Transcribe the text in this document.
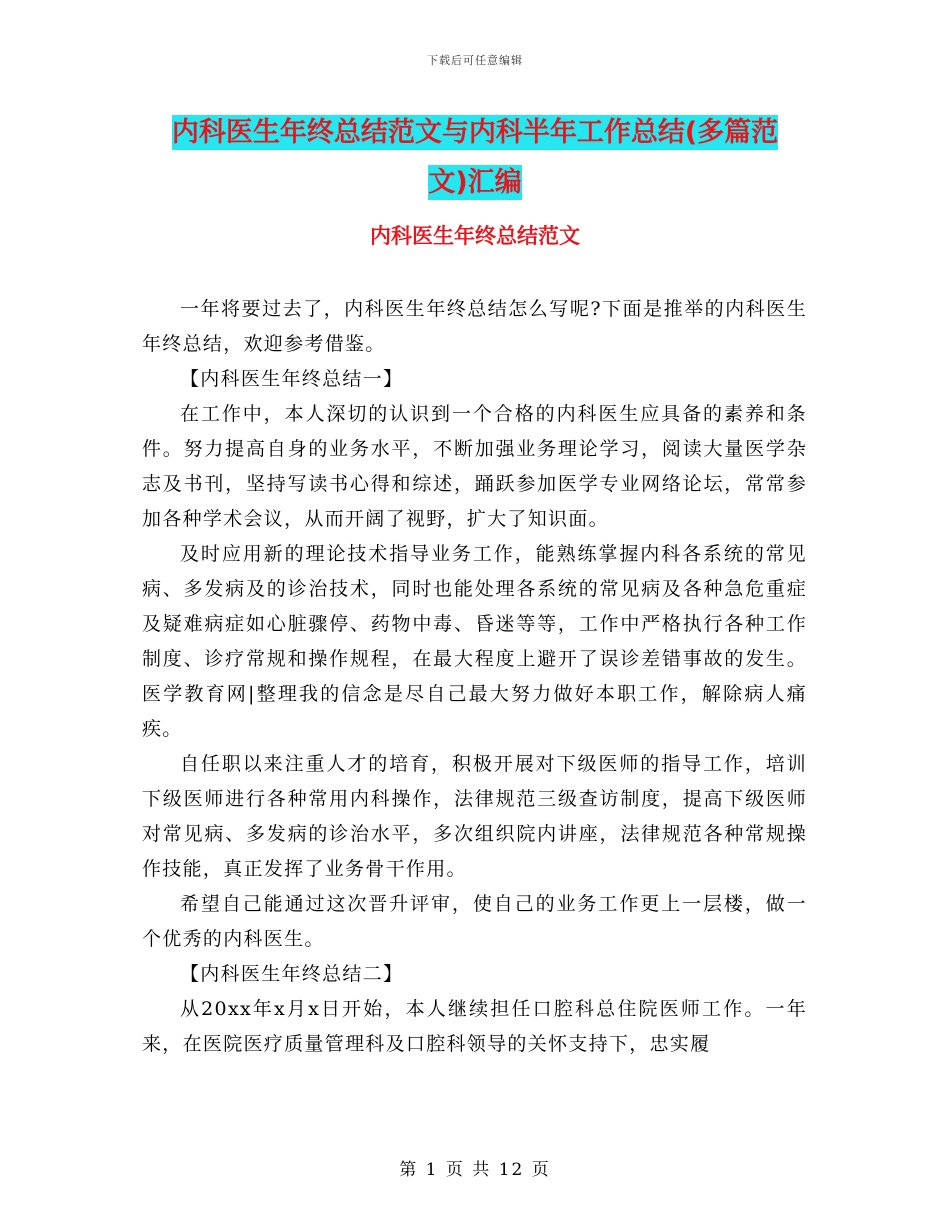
下载后可任意编辑
内科医生年终总结范文与内科半年工作总结(多篇范
文)汇编
内科医生年终总结范文

一年将要过去了，内科医生年终总结怎么写呢?下面是推举的内科医生年终总结，欢迎参考借鉴。

【内科医生年终总结一】

在工作中，本人深切的认识到一个合格的内科医生应具备的素养和条件。努力提高自身的业务水平，不断加强业务理论学习，阅读大量医学杂志及书刊，坚持写读书心得和综述，踊跃参加医学专业网络论坛，常常参加各种学术会议，从而开阔了视野，扩大了知识面。

及时应用新的理论技术指导业务工作，能熟练掌握内科各系统的常见病、多发病及的诊治技术，同时也能处理各系统的常见病及各种急危重症及疑难病症如心脏骤停、药物中毒、昏迷等等，工作中严格执行各种工作制度、诊疗常规和操作规程，在最大程度上避开了误诊差错事故的发生。医学教育网|整理我的信念是尽自己最大努力做好本职工作，解除病人痛疾。

自任职以来注重人才的培育，积极开展对下级医师的指导工作，培训下级医师进行各种常用内科操作，法律规范三级查访制度，提高下级医师对常见病、多发病的诊治水平，多次组织院内讲座，法律规范各种常规操作技能，真正发挥了业务骨干作用。

希望自己能通过这次晋升评审，使自己的业务工作更上一层楼，做一个优秀的内科医生。

【内科医生年终总结二】

从20xx年x月x日开始，本人继续担任口腔科总住院医师工作。一年来，在医院医疗质量管理科及口腔科领导的关怀支持下，忠实履

第 1 页 共 12 页
